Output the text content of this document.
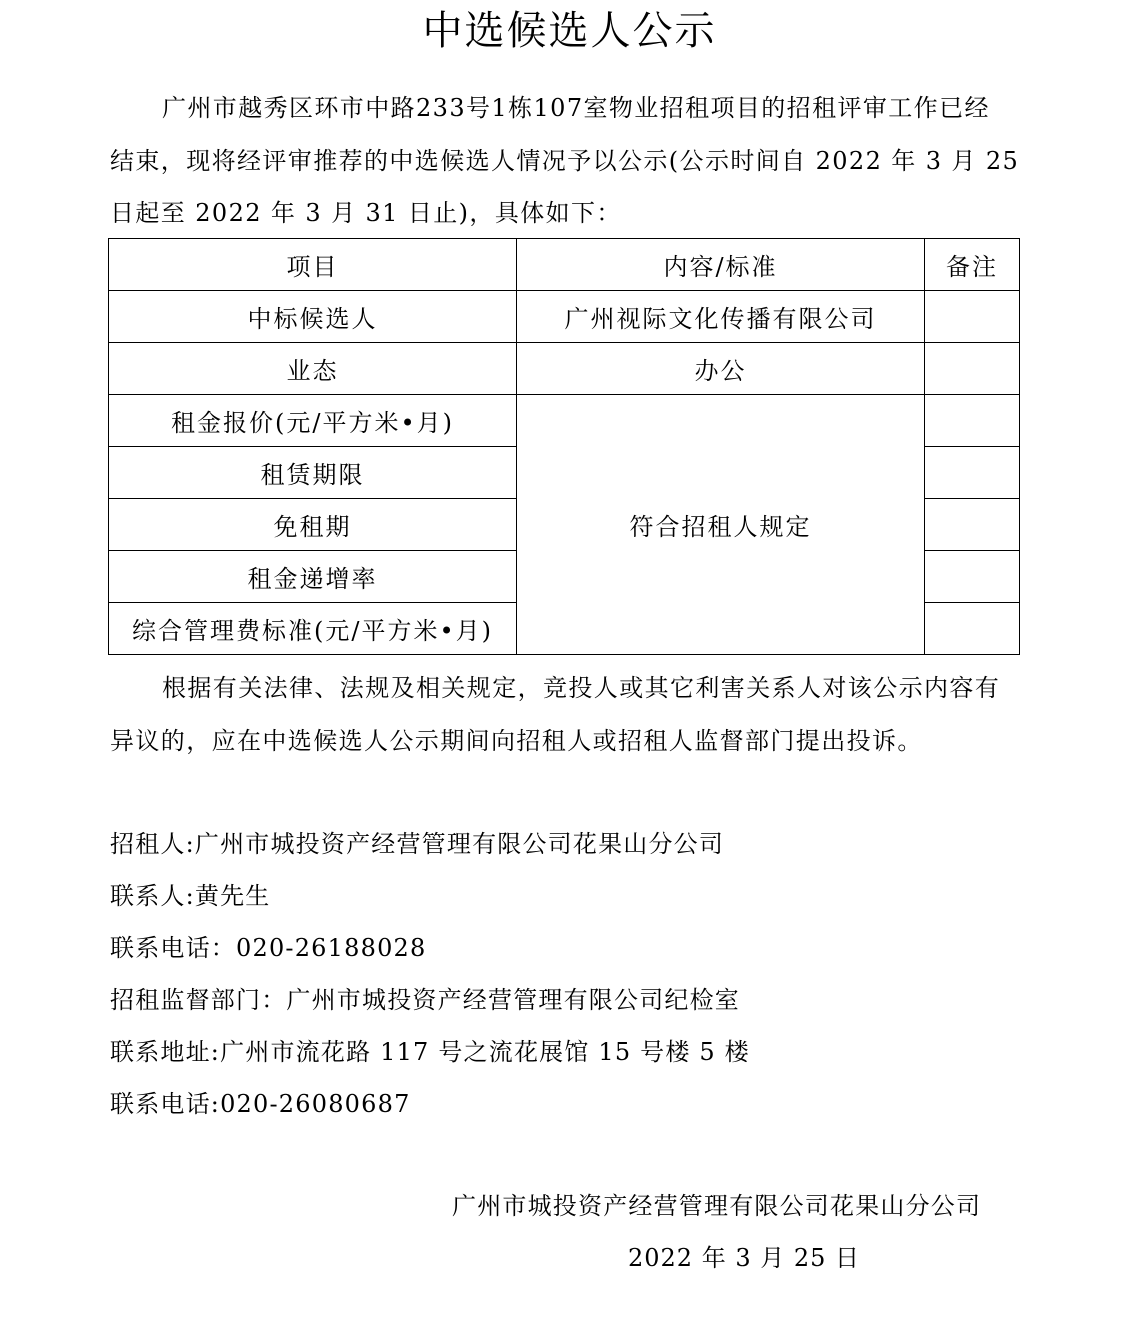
中选候选人公示
广州市越秀区环市中路233号1栋107室物业招租项目的招租评审工作已经
结束，现将经评审推荐的中选候选人情况予以公示(公示时间自 2022 年 3 月 25
日起至 2022 年 3 月 31 日止)，具体如下：
项目	内容/标准	备注
中标候选人	广州视际文化传播有限公司	
业态	办公	
租金报价(元/平方米•月)	符合招租人规定	
租赁期限		
免租期		
租金递增率		
综合管理费标准(元/平方米•月)		
根据有关法律、法规及相关规定，竞投人或其它利害关系人对该公示内容有
异议的，应在中选候选人公示期间向招租人或招租人监督部门提出投诉。
招租人:广州市城投资产经营管理有限公司花果山分公司
联系人:黄先生
联系电话：020-26188028
招租监督部门：广州市城投资产经营管理有限公司纪检室
联系地址:广州市流花路 117 号之流花展馆 15 号楼 5 楼
联系电话:020-26080687
广州市城投资产经营管理有限公司花果山分公司
2022 年 3 月 25 日
